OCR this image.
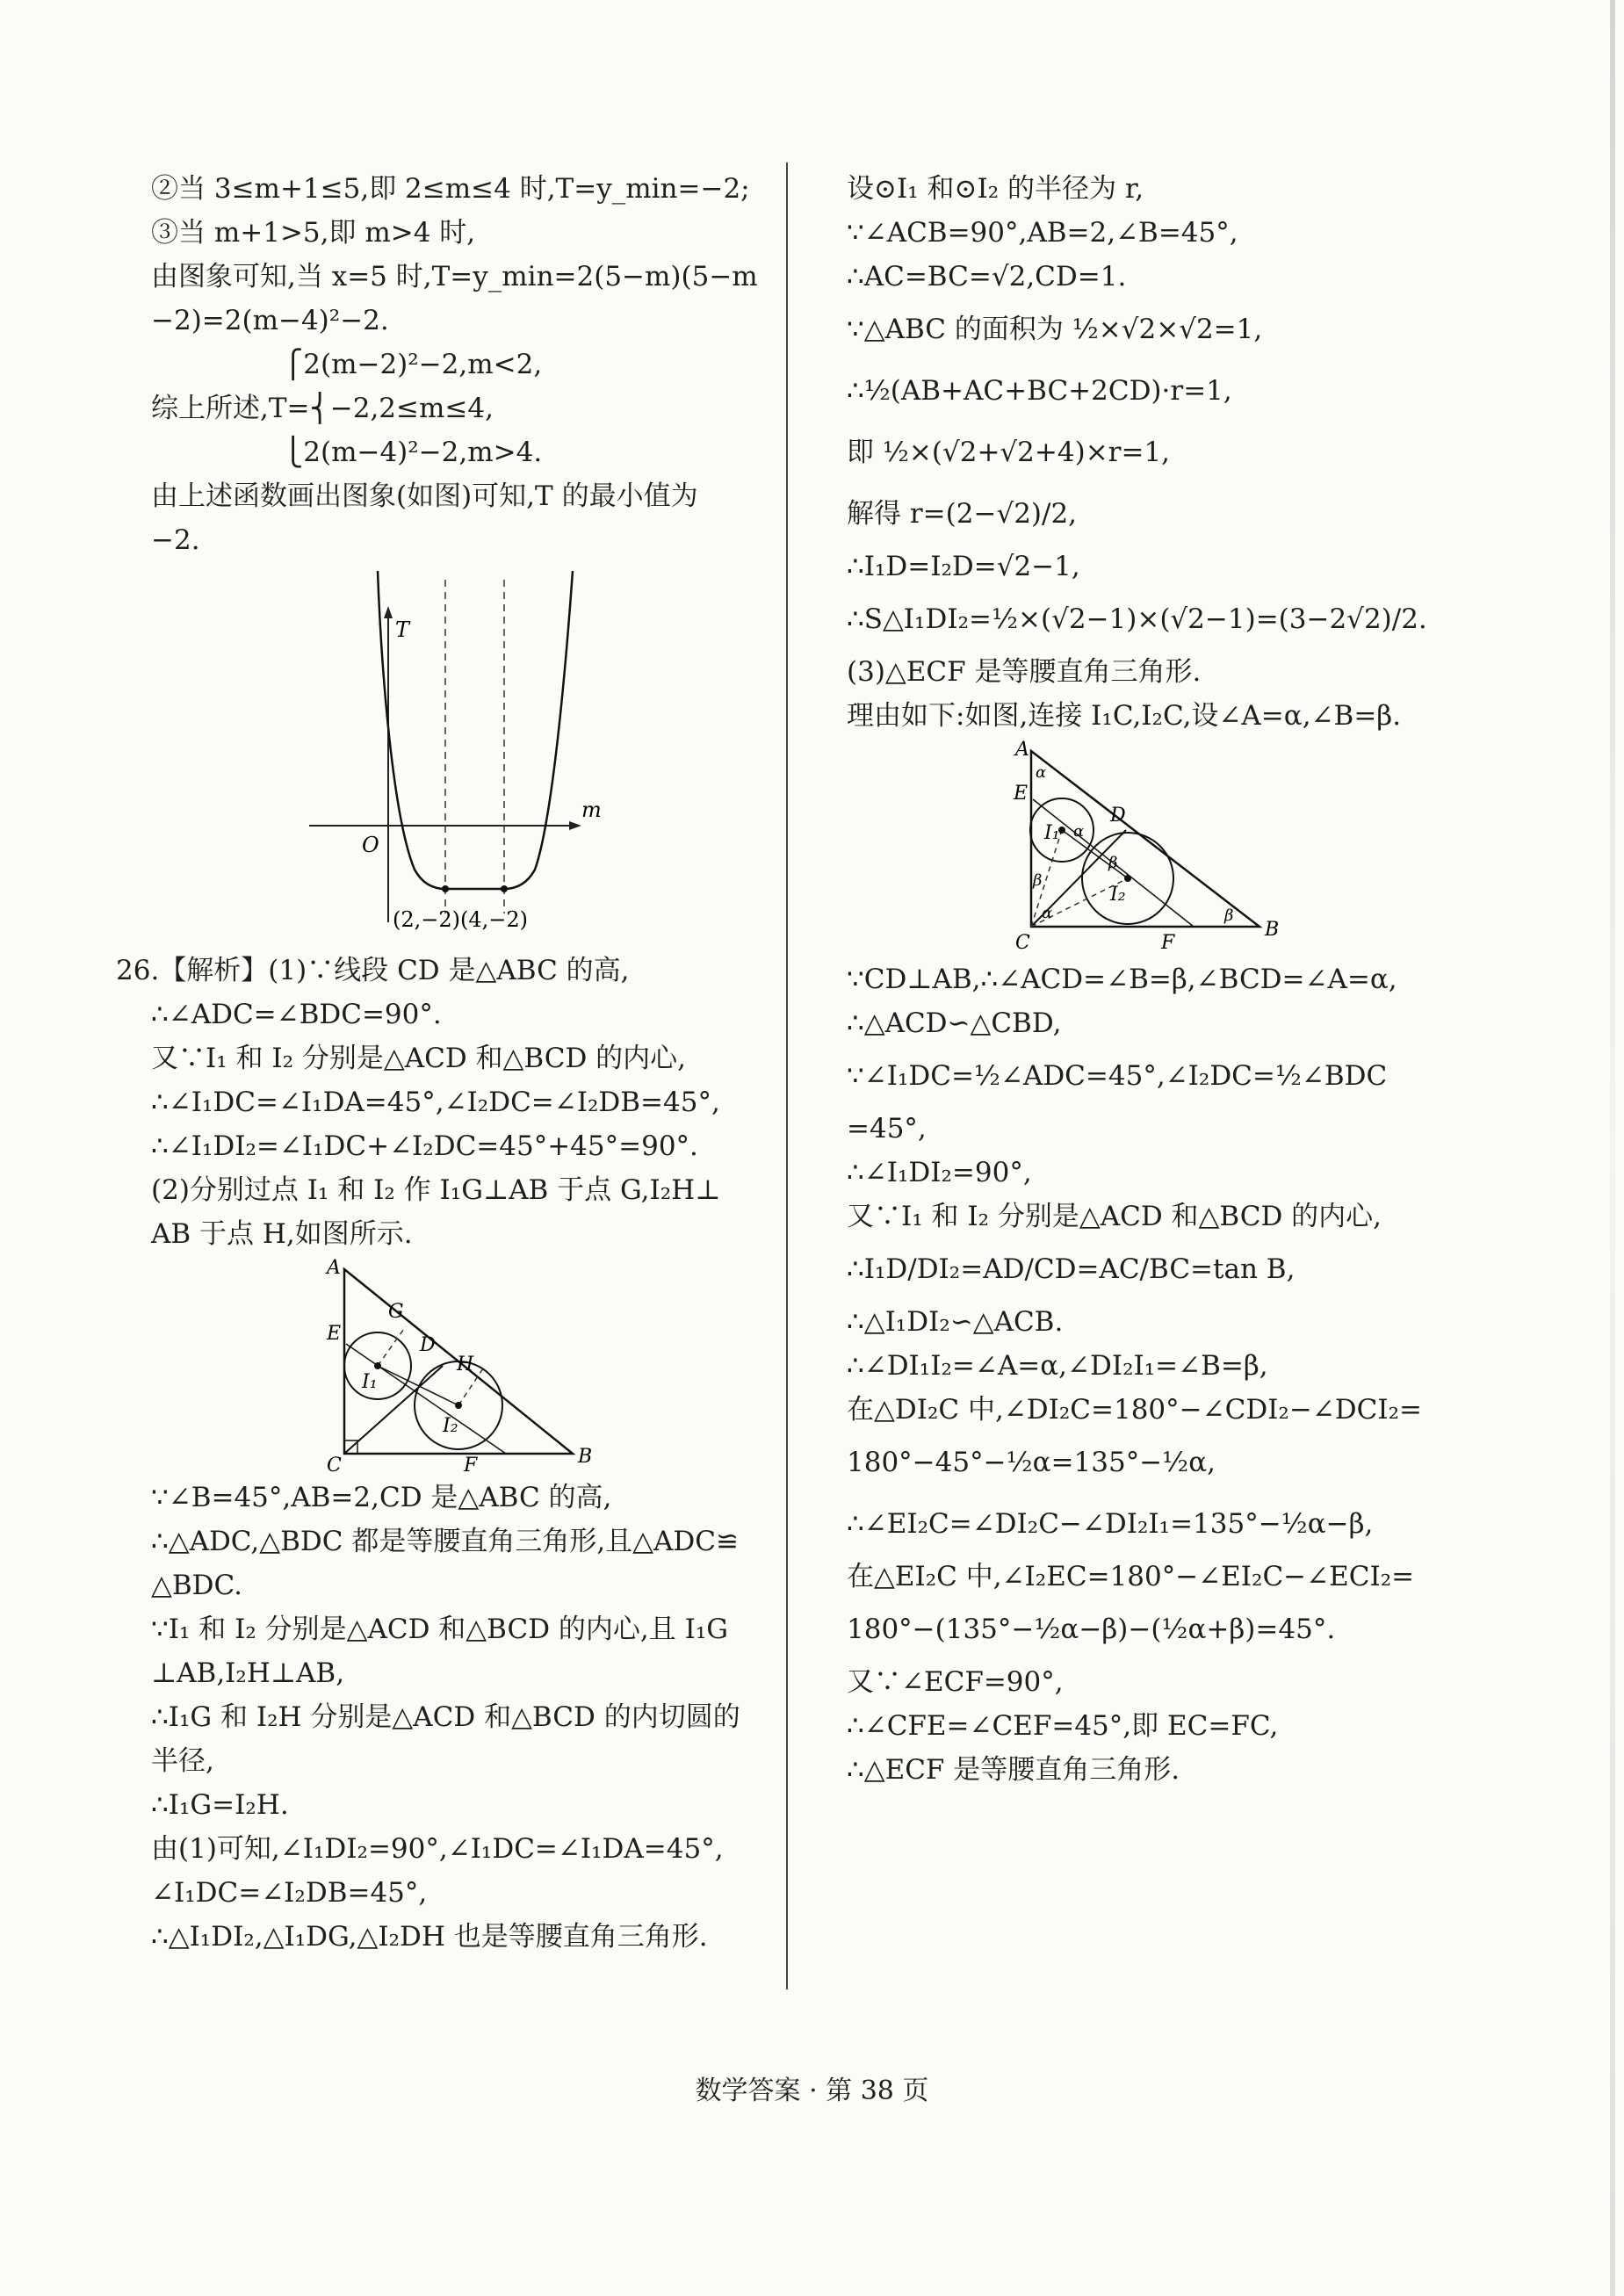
②当 3≤m+1≤5,即 2≤m≤4 时,T=y_min=−2;
③当 m+1>5,即 m>4 时,
由图象可知,当 x=5 时,T=y_min=2(5−m)(5−m
−2)=2(m−4)²−2.
⎧2(m−2)²−2,m<2,
综上所述,T=⎨−2,2≤m≤4,
⎩2(m−4)²−2,m>4.
由上述函数画出图象(如图)可知,T 的最小值为
−2.
T
m
O
(2,−2)(4,−2)
26.【解析】(1)∵线段 CD 是△ABC 的高,
∴∠ADC=∠BDC=90°.
又∵I₁ 和 I₂ 分别是△ACD 和△BCD 的内心,
∴∠I₁DC=∠I₁DA=45°,∠I₂DC=∠I₂DB=45°,
∴∠I₁DI₂=∠I₁DC+∠I₂DC=45°+45°=90°.
(2)分别过点 I₁ 和 I₂ 作 I₁G⊥AB 于点 G,I₂H⊥
AB 于点 H,如图所示.
A
E
G
D
H
I₁
I₂
C	F	B
∵∠B=45°,AB=2,CD 是△ABC 的高,
∴△ADC,△BDC 都是等腰直角三角形,且△ADC≌
△BDC.
∵I₁ 和 I₂ 分别是△ACD 和△BCD 的内心,且 I₁G
⊥AB,I₂H⊥AB,
∴I₁G 和 I₂H 分别是△ACD 和△BCD 的内切圆的
半径,
∴I₁G=I₂H.
由(1)可知,∠I₁DI₂=90°,∠I₁DC=∠I₁DA=45°,
∠I₁DC=∠I₂DB=45°,
∴△I₁DI₂,△I₁DG,△I₂DH 也是等腰直角三角形.
设⊙I₁ 和⊙I₂ 的半径为 r,
∵∠ACB=90°,AB=2,∠B=45°,
∴AC=BC=√2,CD=1.
∵△ABC 的面积为 ½×√2×√2=1,
∴½(AB+AC+BC+2CD)·r=1,
即 ½×(√2+√2+4)×r=1,
解得 r=(2−√2)/2,
∴I₁D=I₂D=√2−1,
∴S△I₁DI₂=½×(√2−1)×(√2−1)=(3−2√2)/2.
(3)△ECF 是等腰直角三角形.
理由如下:如图,连接 I₁C,I₂C,设∠A=α,∠B=β.
A
E
D
I₁
I₂
C	F
B
α
α
α
β
β
β
∵CD⊥AB,∴∠ACD=∠B=β,∠BCD=∠A=α,
∴△ACD∽△CBD,
∵∠I₁DC=½∠ADC=45°,∠I₂DC=½∠BDC
=45°,
∴∠I₁DI₂=90°,
又∵I₁ 和 I₂ 分别是△ACD 和△BCD 的内心,
∴I₁D/DI₂=AD/CD=AC/BC=tan B,
∴△I₁DI₂∽△ACB.
∴∠DI₁I₂=∠A=α,∠DI₂I₁=∠B=β,
在△DI₂C 中,∠DI₂C=180°−∠CDI₂−∠DCI₂=
180°−45°−½α=135°−½α,
∴∠EI₂C=∠DI₂C−∠DI₂I₁=135°−½α−β,
在△EI₂C 中,∠I₂EC=180°−∠EI₂C−∠ECI₂=
180°−(135°−½α−β)−(½α+β)=45°.
又∵∠ECF=90°,
∴∠CFE=∠CEF=45°,即 EC=FC,
∴△ECF 是等腰直角三角形.
数学答案 · 第 38 页
